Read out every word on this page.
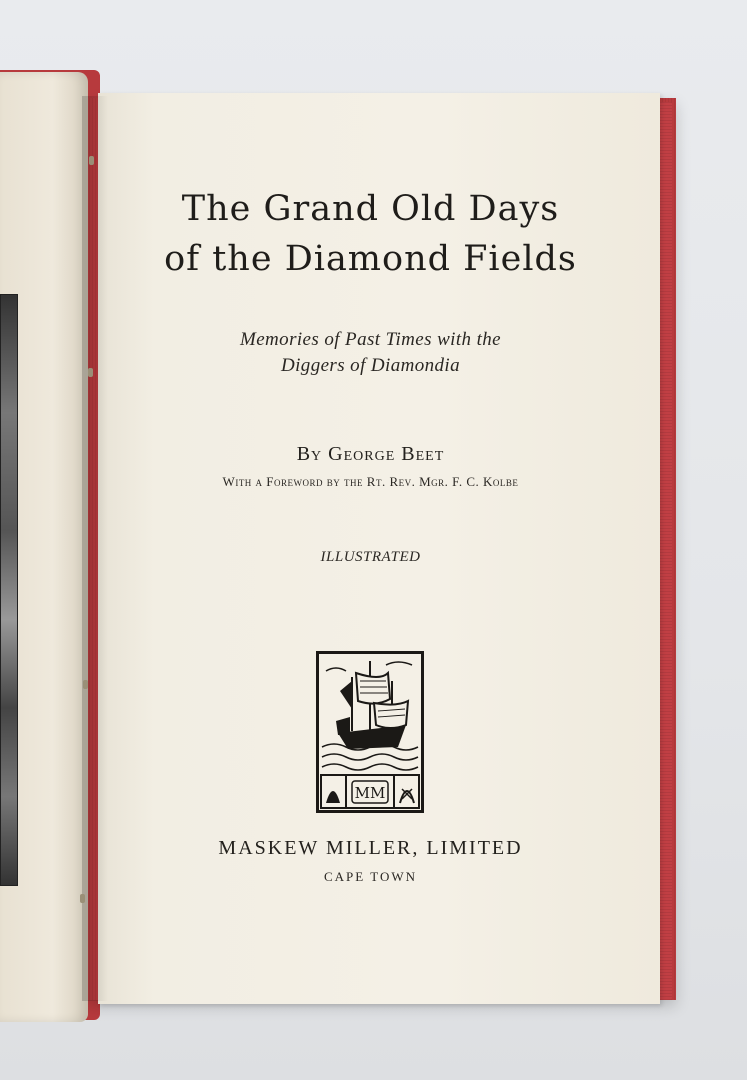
The Grand Old Days
of the Diamond Fields
Memories of Past Times with the
Diggers of Diamondia
By George Beet
With a Foreword by the Rt. Rev. Mgr. F. C. Kolbe
ILLUSTRATED
MM
MASKEW MILLER, LIMITED
CAPE TOWN
